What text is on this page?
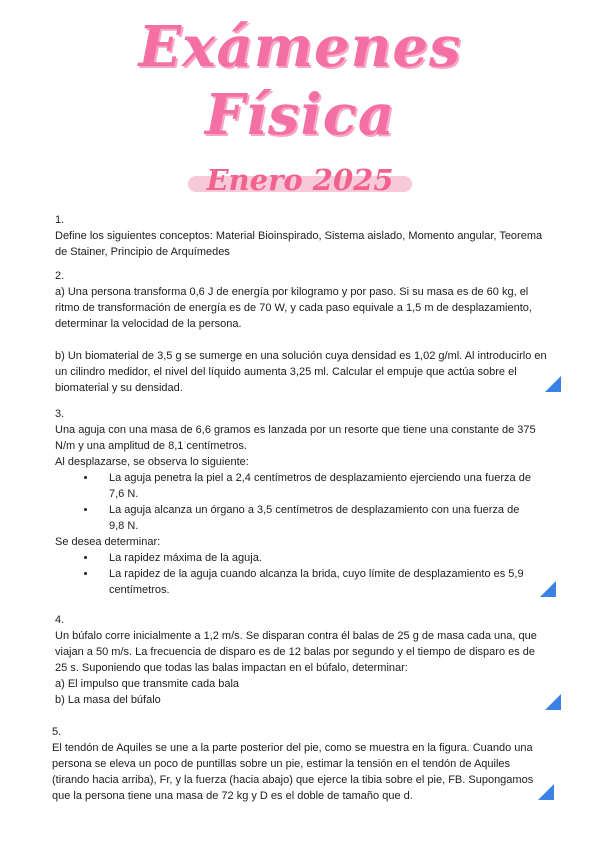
Exámenes
Física
Enero 2025

1.

Define los siguientes conceptos: Material Bioinspirado, Sistema aislado, Momento angular, Teorema de Stainer, Principio de Arquímedes

2.

a) Una persona transforma 0,6 J de energía por kilogramo y por paso. Si su masa es de 60 kg, el ritmo de transformación de energía es de 70 W, y cada paso equivale a 1,5 m de desplazamiento, determinar la velocidad de la persona.

b) Un biomaterial de 3,5 g se sumerge en una solución cuya densidad es 1,02 g/ml. Al introducirlo en un cilindro medidor, el nivel del líquido aumenta 3,25 ml. Calcular el empuje que actúa sobre el biomaterial y su densidad.

3.

Una aguja con una masa de 6,6 gramos es lanzada por un resorte que tiene una constante de 375 N/m y una amplitud de 8,1 centímetros.

Al desplazarse, se observa lo siguiente:

• La aguja penetra la piel a 2,4 centímetros de desplazamiento ejerciendo una fuerza de 7,6 N.
• La aguja alcanza un órgano a 3,5 centímetros de desplazamiento con una fuerza de 9,8 N.

Se desea determinar:

• La rapidez máxima de la aguja.
• La rapidez de la aguja cuando alcanza la brida, cuyo límite de desplazamiento es 5,9 centímetros.

4.

Un búfalo corre inicialmente a 1,2 m/s. Se disparan contra él balas de 25 g de masa cada una, que viajan a 50 m/s. La frecuencia de disparo es de 12 balas por segundo y el tiempo de disparo es de 25 s. Suponiendo que todas las balas impactan en el búfalo, determinar:

a) El impulso que transmite cada bala

b) La masa del búfalo

5.

El tendón de Aquiles se une a la parte posterior del pie, como se muestra en la figura. Cuando una persona se eleva un poco de puntillas sobre un pie, estimar la tensión en el tendón de Aquiles (tirando hacia arriba), Fr, y la fuerza (hacia abajo) que ejerce la tibia sobre el pie, FB. Supongamos que la persona tiene una masa de 72 kg y D es el doble de tamaño que d.
